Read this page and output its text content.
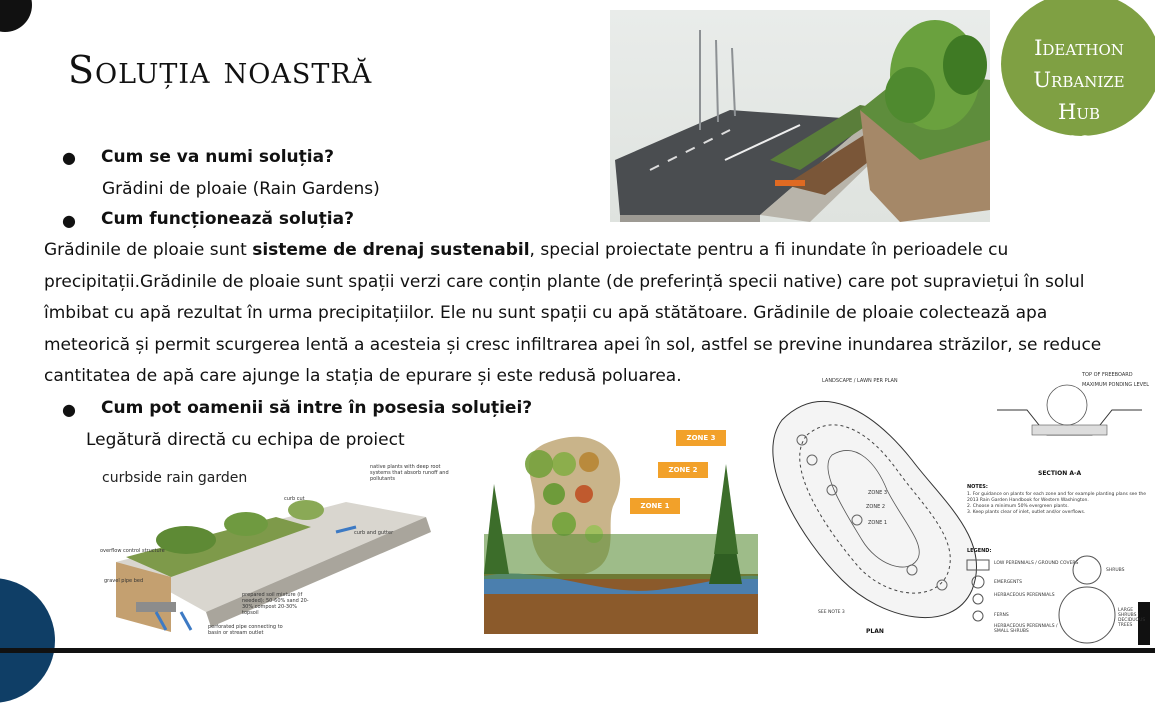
Ideathon
Urbanize Hub
2021
Soluția noastră
● Cum se va numi soluția?
Grădini de ploaie (Rain Gardens)
● Cum funcționează soluția?
Grădinile de ploaie sunt sisteme de drenaj sustenabil, special proiectate pentru a fi inundate în perioadele cu precipitații.Grădinile de ploaie sunt spații verzi care conțin plante (de preferință specii native) care pot supraviețui în solul îmbibat cu apă rezultat în urma precipitațiilor. Ele nu sunt spații cu apă stătătoare. Grădinile de ploaie colectează apa meteorică și permit scurgerea lentă a acesteia și cresc infiltrarea apei în sol, astfel se previne inundarea străzilor, se reduce cantitatea de apă care ajunge la stația de epurare și este redusă poluarea.
● Cum pot oamenii să intre în posesia soluției?
Legătură directă cu echipa de proiect
curbside rain garden
native plants with deep root systems that absorb runoff and pollutants
curb cut
curb and gutter
overflow control structure
gravel pipe bed
prepared soil mixture (if needed): 50-60% sand 20-30% compost 20-30% topsoil
perforated pipe connecting to basin or stream outlet
ZONE 3
ZONE 2
ZONE 1
LANDSCAPE / LAWN PER PLAN
TOP OF FREEBOARD
MAXIMUM PONDING LEVEL
SECTION A-A
ZONE 3
ZONE 2
ZONE 1
NOTES:
1. For guidance on plants for each zone and for example planting plans see the 2013 Rain Garden Handbook for Western Washington.
2. Choose a minimum 50% evergreen plants.
3. Keep plants clear of inlet, outlet and/or overflows.
LEGEND:
LOW PERENNIALS / GROUND COVERS
EMERGENTS
HERBACEOUS PERENNIALS
FERNS
HERBACEOUS PERENNIALS / SMALL SHRUBS
SHRUBS
LARGE SHRUBS / DECIDUOUS TREES
PLAN
SEE NOTE 3
